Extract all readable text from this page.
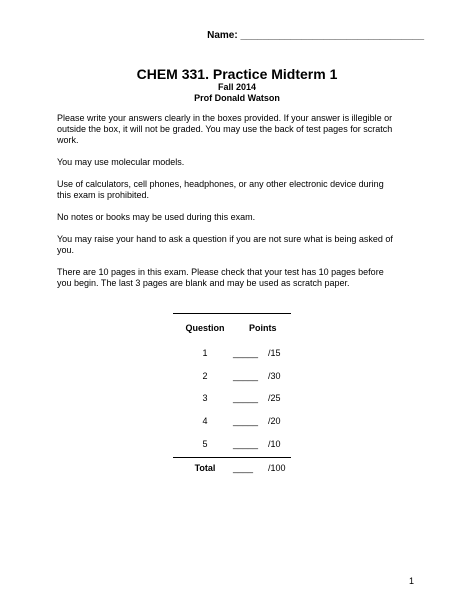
Name: _________________________________
CHEM 331. Practice Midterm 1
Fall 2014
Prof Donald Watson

Please write your answers clearly in the boxes provided. If your answer is illegible or outside the box, it will not be graded. You may use the back of test pages for scratch work.

You may use molecular models.

Use of calculators, cell phones, headphones, or any other electronic device during this exam is prohibited.

No notes or books may be used during this exam.

You may raise your hand to ask a question if you are not sure what is being asked of you.

There are 10 pages in this exam. Please check that your test has 10 pages before you begin. The last 3 pages are blank and may be used as scratch paper.

Question	Points
1	_____	/15
2	_____	/30
3	_____	/25
4	_____	/20
5	_____	/10
Total	____	/100
1
